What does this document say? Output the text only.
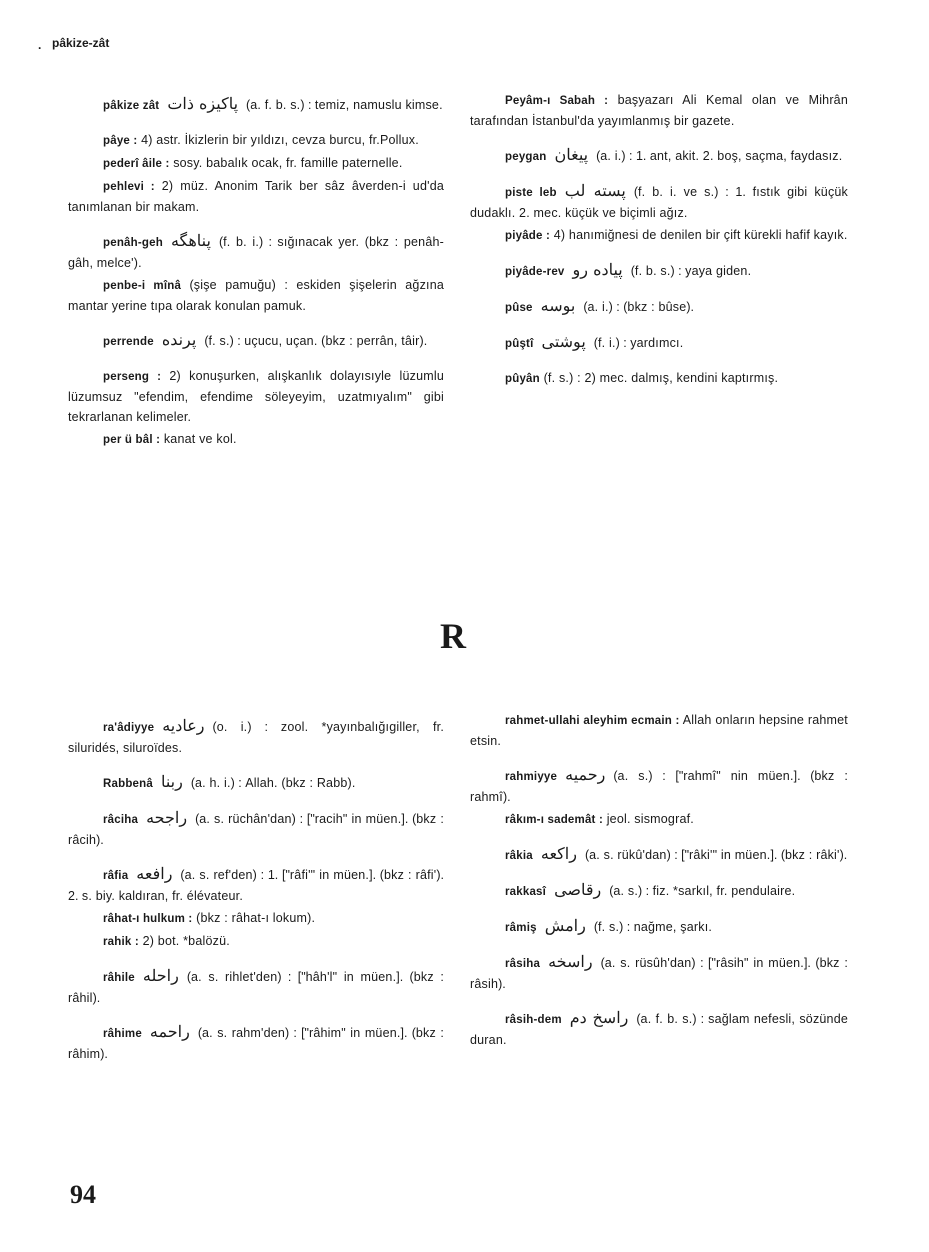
. pâkize-zât
pâkize zât پاکیزه ذات (a. f. b. s.) : temiz, namuslu kimse.
pâye : 4) astr. İkizlerin bir yıldızı, cevza burcu, fr.Pollux.
pederî âile : sosy. babalık ocak, fr. famille paternelle.
pehlevi : 2) müz. Anonim Tarik ber sâz âverden-i ud'da tanımlanan bir makam.
penâh-geh پناهگه (f. b. i.) : sığınacak yer. (bkz : penâh-gâh, melce').
penbe-i mînâ (şişe pamuğu) : eskiden şişelerin ağzına mantar yerine tıpa olarak konulan pamuk.
perrende پرنده (f. s.) : uçucu, uçan. (bkz : perrân, tâir).
perseng : 2) konuşurken, alışkanlık dolayısıyle lüzumlu lüzumsuz "efendim, efendime söleyeyim, uzatmıyalım" gibi tekrarlanan kelimeler.
per ü bâl : kanat ve kol.
Peyâm-ı Sabah : başyazarı Ali Kemal olan ve Mihrân tarafından İstanbul'da yayımlanmış bir gazete.
peygan پیغان (a. i.) : 1. ant, akit. 2. boş, saçma, faydasız.
piste leb پسته لب (f. b. i. ve s.) : 1. fıstık gibi küçük dudaklı. 2. mec. küçük ve biçimli ağız.
piyâde : 4) hanımiğnesi de denilen bir çift kürekli hafif kayık.
piyâde-rev پیاده رو (f. b. s.) : yaya giden.
pûse بوسه (a. i.) : (bkz : bûse).
pûştî پوشتی (f. i.) : yardımcı.
pûyân (f. s.) : 2) mec. dalmış, kendini kaptırmış.
R
ra'âdiyye رعادیه (o. i.) : zool. *yayınbalığıgiller, fr. siluridés, siluroïdes.
Rabbenâ ربنا (a. h. i.) : Allah. (bkz : Rabb).
râciha راجحه (a. s. rüchân'dan) : ["racih" in müen.]. (bkz : râcih).
râfia رافعه (a. s. ref'den) : 1. ["râfi'" in müen.]. (bkz : râfi'). 2. s. biy. kaldıran, fr. élévateur.
râhat-ı hulkum : (bkz : râhat-ı lokum).
rahik : 2) bot. *balözü.
râhile راحله (a. s. rihlet'den) : ["hâh'l" in müen.]. (bkz : râhil).
râhime راحمه (a. s. rahm'den) : ["râhim" in müen.]. (bkz : râhim).
rahmet-ullahi aleyhim ecmain : Allah onların hepsine rahmet etsin.
rahmiyye رحمیه (a. s.) : ["rahmî" nin müen.]. (bkz : rahmî).
râkım-ı sademât : jeol. sismograf.
râkia راکعه (a. s. rükû'dan) : ["râki'" in müen.]. (bkz : râki').
rakkasî رقاصی (a. s.) : fiz. *sarkıl, fr. pendulaire.
râmiş رامش (f. s.) : nağme, şarkı.
râsiha راسخه (a. s. rüsûh'dan) : ["râsih" in müen.]. (bkz : râsih).
râsih-dem راسخ دم (a. f. b. s.) : sağlam nefesli, sözünde duran.
94
